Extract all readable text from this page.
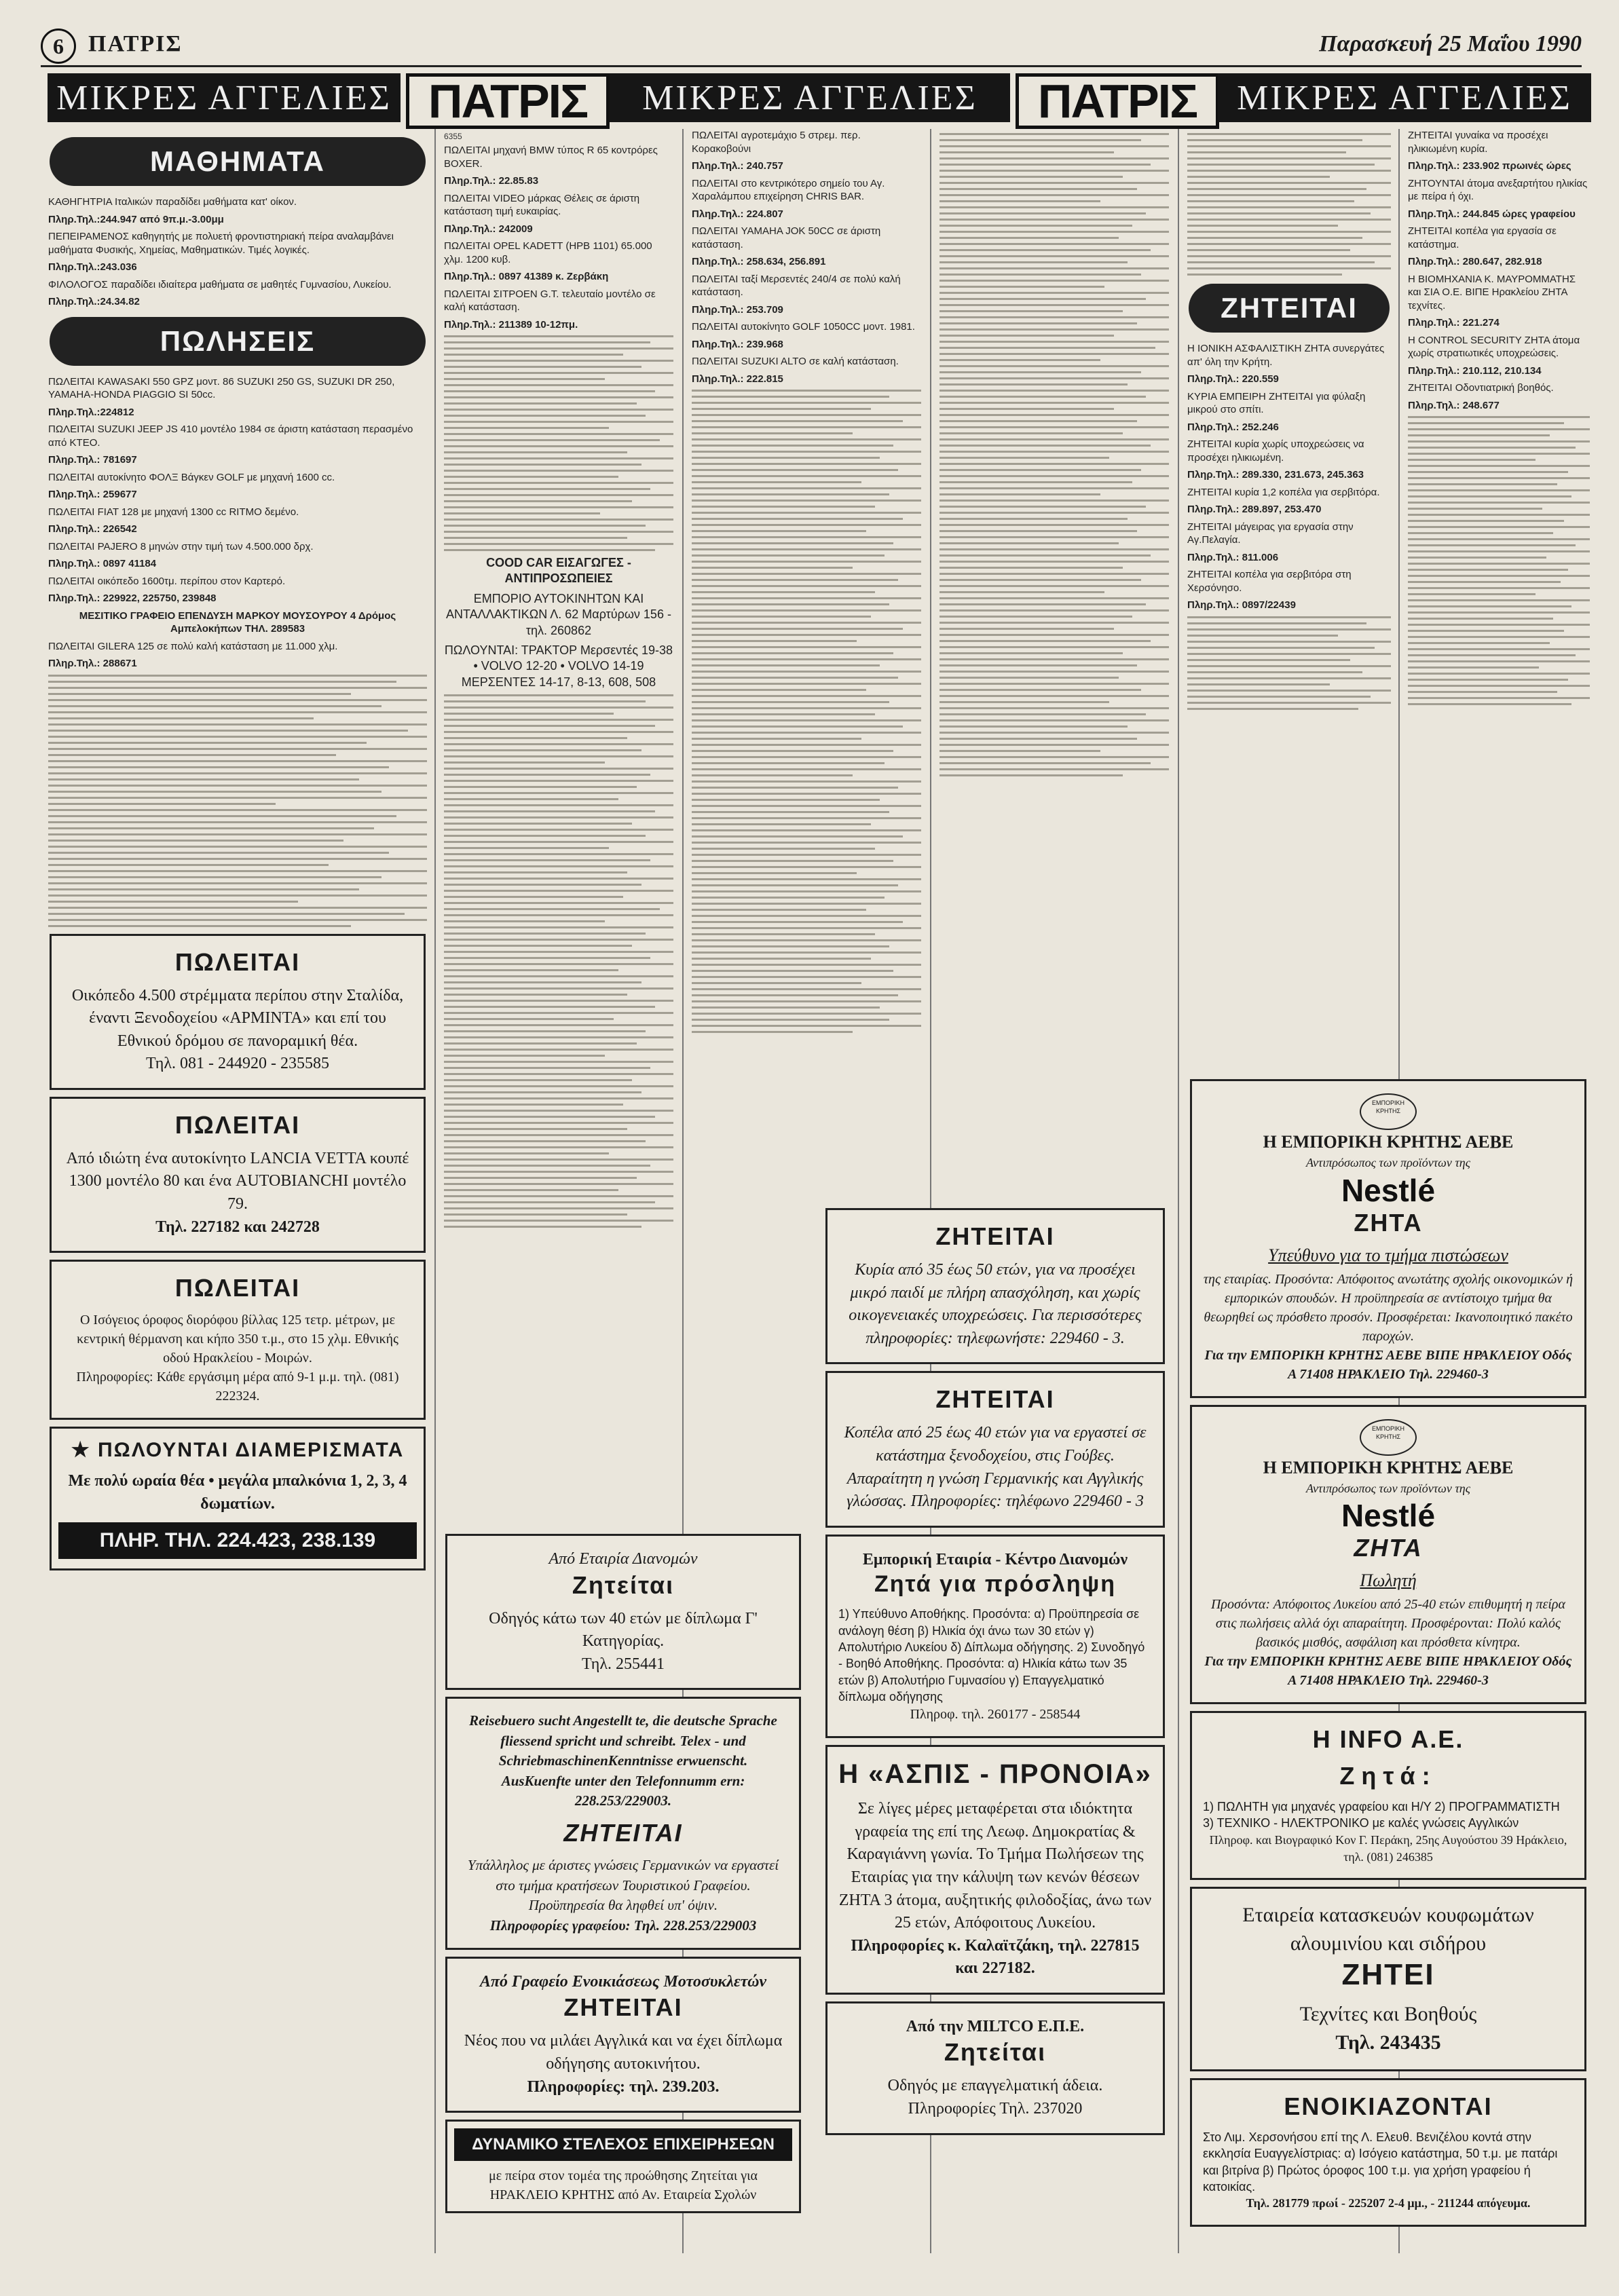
6	ΠΑΤΡΙΣ	Παρασκευή 25 Μαΐου 1990
ΜΙΚΡΕΣ ΑΓΓΕΛΙΕΣ ΠΑΤΡΙΣ	ΜΙΚΡΕΣ ΑΓΓΕΛΙΕΣ	ΠΑΤΡΙΣ	ΜΙΚΡΕΣ ΑΓΓΕΛΙΕΣ
ΜΑΘΗΜΑΤΑ

ΚΑΘΗΓΗΤΡΙΑ Ιταλικών παραδίδει μαθήματα κατ' οίκον.

Πληρ.Τηλ.:244.947 από 9π.μ.-3.00μμ

ΠΕΠΕΙΡΑΜΕΝΟΣ καθηγητής με πολυετή φροντιστηριακή πείρα αναλαμβάνει μαθήματα Φυσικής, Χημείας, Μαθηματικών. Τιμές λογικές.

Πληρ.Τηλ.:243.036

ΦΙΛΟΛΟΓΟΣ παραδίδει ιδιαίτερα μαθήματα σε μαθητές Γυμνασίου, Λυκείου.

Πληρ.Τηλ.:24.34.82

ΠΩΛΗΣΕΙΣ

ΠΩΛΕΙΤΑΙ KAWASAKI 550 GPZ μοντ. 86 SUZUKI 250 GS, SUZUKI DR 250, YAMAHA-HONDA PIAGGIO SI 50cc.

Πληρ.Τηλ.:224812

ΠΩΛΕΙΤΑΙ SUZUKI JEEP JS 410 μοντέλο 1984 σε άριστη κατάσταση περασμένο από ΚΤΕΟ.

Πληρ.Τηλ.: 781697

ΠΩΛΕΙΤΑΙ αυτοκίνητο ΦΟΛΞ Βάγκεν GOLF με μηχανή 1600 cc.

Πληρ.Τηλ.: 259677

ΠΩΛΕΙΤΑΙ FIAT 128 με μηχανή 1300 cc RITMO δεμένο.

Πληρ.Τηλ.: 226542

ΠΩΛΕΙΤΑΙ PAJERO 8 μηνών στην τιμή των 4.500.000 δρχ.

Πληρ.Τηλ.: 0897 41184

ΠΩΛΕΙΤΑΙ οικόπεδο 1600τμ. περίπου στον Καρτερό.

Πληρ.Τηλ.: 229922, 225750, 239848

ΜΕΣΙΤΙΚΟ ΓΡΑΦΕΙΟ ΕΠΕΝΔΥΣΗ ΜΑΡΚΟΥ ΜΟΥΣΟΥΡΟΥ 4 Δρόμος Αμπελοκήπων ΤΗΛ. 289583

ΠΩΛΕΙΤΑΙ GILERA 125 σε πολύ καλή κατάσταση με 11.000 χλμ.

Πληρ.Τηλ.: 288671

ΠΩΛΕΙΤΑΙ
Οικόπεδο 4.500 στρέμματα περίπου στην Σταλίδα, έναντι Ξενοδοχείου «ΑΡΜΙΝΤΑ» και επί του Εθνικού δρόμου σε πανοραμική θέα.
Τηλ. 081 - 244920 - 235585
ΠΩΛΕΙΤΑΙ
Από ιδιώτη ένα αυτοκίνητο LANCIA VETTA κουπέ 1300 μοντέλο 80 και ένα AUTOBIANCHI μοντέλο 79.
Τηλ. 227182 και 242728
ΠΩΛΕΙΤΑΙ
Ο Ισόγειος όροφος διορόφου βίλλας 125 τετρ. μέτρων, με κεντρική θέρμανση και κήπο 350 τ.μ., στο 15 χλμ. Εθνικής οδού Ηρακλείου - Μοιρών.
Πληροφορίες: Κάθε εργάσιμη μέρα από 9-1 μ.μ. τηλ. (081) 222324.
★ ΠΩΛΟΥΝΤΑΙ ΔΙΑΜΕΡΙΣΜΑΤΑ
Με πολύ ωραία θέα • μεγάλα μπαλκόνια 1, 2, 3, 4 δωματίων.
ΠΛΗΡ. ΤΗΛ. 224.423, 238.139
6355

ΠΩΛΕΙΤΑΙ μηχανή BMW τύπος R 65 κοντρόρες BOXER.

Πληρ.Τηλ.: 22.85.83

ΠΩΛΕΙΤΑΙ VIDEO μάρκας Θέλεις σε άριστη κατάσταση τιμή ευκαιρίας.

Πληρ.Τηλ.: 242009

ΠΩΛΕΙΤΑΙ OPEL KADETT (ΗΡΒ 1101) 65.000 χλμ. 1200 κυβ.

Πληρ.Τηλ.: 0897 41389 κ. Ζερβάκη

ΠΩΛΕΙΤΑΙ ΣΙΤΡΟΕΝ G.T. τελευταίο μοντέλο σε καλή κατάσταση.

Πληρ.Τηλ.: 211389 10-12πμ.

COOD CAR ΕΙΣΑΓΩΓΕΣ - ΑΝΤΙΠΡΟΣΩΠΕΙΕΣ

ΕΜΠΟΡΙΟ ΑΥΤΟΚΙΝΗΤΩΝ ΚΑΙ ΑΝΤΑΛΛΑΚΤΙΚΩΝ Λ. 62 Μαρτύρων 156 - τηλ. 260862

ΠΩΛΟΥΝΤΑΙ: ΤΡΑΚΤΟΡ Μερσεντές 19-38 • VOLVO 12-20 • VOLVO 14-19 ΜΕΡΣΕΝΤΕΣ 14-17, 8-13, 608, 508

ΠΩΛΕΙΤΑΙ αγροτεμάχιο 5 στρεμ. περ. Κορακοβούνι

Πληρ.Τηλ.: 240.757

ΠΩΛΕΙΤΑΙ στο κεντρικότερο σημείο του Αγ. Χαραλάμπου επιχείρηση CHRIS BAR.

Πληρ.Τηλ.: 224.807

ΠΩΛΕΙΤΑΙ YAMAHA JOK 50CC σε άριστη κατάσταση.

Πληρ.Τηλ.: 258.634, 256.891

ΠΩΛΕΙΤΑΙ ταξί Μερσεντές 240/4 σε πολύ καλή κατάσταση.

Πληρ.Τηλ.: 253.709

ΠΩΛΕΙΤΑΙ αυτοκίνητο GOLF 1050CC μοντ. 1981.

Πληρ.Τηλ.: 239.968

ΠΩΛΕΙΤΑΙ SUZUKI ALTO σε καλή κατάσταση.

Πληρ.Τηλ.: 222.815

ΖΗΤΕΙΤΑΙ
Κυρία από 35 έως 50 ετών, για να προσέχει μικρό παιδί με πλήρη απασχόληση, και χωρίς οικογενειακές υποχρεώσεις. Για περισσότερες πληροφορίες: τηλεφωνήστε: 229460 - 3.
ΖΗΤΕΙΤΑΙ
Κοπέλα από 25 έως 40 ετών για να εργαστεί σε κατάστημα ξενοδοχείου, στις Γούβες. Απαραίτητη η γνώση Γερμανικής και Αγγλικής γλώσσας. Πληροφορίες: τηλέφωνο 229460 - 3
Εμπορική Εταιρία - Κέντρο Διανομών
Ζητά για πρόσληψη
1) Υπεύθυνο Αποθήκης. Προσόντα: α) Προϋπηρεσία σε ανάλογη θέση β) Ηλικία όχι άνω των 30 ετών γ) Απολυτήριο Λυκείου δ) Δίπλωμα οδήγησης. 2) Συνοδηγό - Βοηθό Αποθήκης. Προσόντα: α) Ηλικία κάτω των 35 ετών β) Απολυτήριο Γυμνασίου γ) Επαγγελματικό δίπλωμα οδήγησης
Πληροφ. τηλ. 260177 - 258544
Η «ΑΣΠΙΣ - ΠΡΟΝΟΙΑ»
Σε λίγες μέρες μεταφέρεται στα ιδιόκτητα γραφεία της επί της Λεωφ. Δημοκρατίας & Καραγιάννη γωνία. Το Τμήμα Πωλήσεων της Εταιρίας για την κάλυψη των κενών θέσεων ΖΗΤΑ 3 άτομα, αυξητικής φιλοδοξίας, άνω των 25 ετών, Απόφοιτους Λυκείου.
Πληροφορίες κ. Καλαϊτζάκη, τηλ. 227815 και 227182.
Από την MILTCO Ε.Π.Ε.
Ζητείται
Οδηγός με επαγγελματική άδεια.
Πληροφορίες Τηλ. 237020
Από Εταιρία Διανομών
Ζητείται
Οδηγός κάτω των 40 ετών με δίπλωμα Γ' Κατηγορίας.
Τηλ. 255441
Reisebuero sucht Angestellt te, die deutsche Sprache fliessend spricht und schreibt. Telex - und SchriebmaschinenKenntnisse erwuenscht.
AusKuenfte unter den Telefonnumm ern: 228.253/229003.
ΖΗΤΕΙΤΑΙ
Υπάλληλος με άριστες γνώσεις Γερμανικών να εργαστεί στο τμήμα κρατήσεων Τουριστικού Γραφείου. Προϋπηρεσία θα ληφθεί υπ' όψιν.
Πληροφορίες γραφείου: Τηλ. 228.253/229003
Από Γραφείο Ενοικιάσεως Μοτοσυκλετών
ΖΗΤΕΙΤΑΙ
Νέος που να μιλάει Αγγλικά και να έχει δίπλωμα οδήγησης αυτοκινήτου.
Πληροφορίες: τηλ. 239.203.
ΔΥΝΑΜΙΚΟ ΣΤΕΛΕΧΟΣ ΕΠΙΧΕΙΡΗΣΕΩΝ
με πείρα στον τομέα της προώθησης Ζητείται για ΗΡΑΚΛΕΙΟ ΚΡΗΤΗΣ από Αν. Εταιρεία Σχολών
ΖΗΤΕΙΤΑΙ

Η ΙΟΝΙΚΗ ΑΣΦΑΛΙΣΤΙΚΗ ΖΗΤΑ συνεργάτες απ' όλη την Κρήτη.

Πληρ.Τηλ.: 220.559

ΚΥΡΙΑ ΕΜΠΕΙΡΗ ΖΗΤΕΙΤΑΙ για φύλαξη μικρού στο σπίτι.

Πληρ.Τηλ.: 252.246

ΖΗΤΕΙΤΑΙ κυρία χωρίς υποχρεώσεις να προσέχει ηλικιωμένη.

Πληρ.Τηλ.: 289.330, 231.673, 245.363

ΖΗΤΕΙΤΑΙ κυρία 1,2 κοπέλα για σερβιτόρα.

Πληρ.Τηλ.: 289.897, 253.470

ΖΗΤΕΙΤΑΙ μάγειρας για εργασία στην Αγ.Πελαγία.

Πληρ.Τηλ.: 811.006

ΖΗΤΕΙΤΑΙ κοπέλα για σερβιτόρα στη Χερσόνησο.

Πληρ.Τηλ.: 0897/22439

ΖΗΤΕΙΤΑΙ γυναίκα να προσέχει ηλικιωμένη κυρία.

Πληρ.Τηλ.: 233.902 πρωινές ώρες

ΖΗΤΟΥΝΤΑΙ άτομα ανεξαρτήτου ηλικίας με πείρα ή όχι.

Πληρ.Τηλ.: 244.845 ώρες γραφείου

ΖΗΤΕΙΤΑΙ κοπέλα για εργασία σε κατάστημα.

Πληρ.Τηλ.: 280.647, 282.918

Η ΒΙΟΜΗΧΑΝΙΑ Κ. ΜΑΥΡΟΜΜΑΤΗΣ και ΣΙΑ Ο.Ε. ΒΙΠΕ Ηρακλείου ΖΗΤΑ τεχνίτες.

Πληρ.Τηλ.: 221.274

Η CONTROL SECURITY ΖΗΤΑ άτομα χωρίς στρατιωτικές υποχρεώσεις.

Πληρ.Τηλ.: 210.112, 210.134

ΖΗΤΕΙΤΑΙ Οδοντιατρική βοηθός.

Πληρ.Τηλ.: 248.677

ΕΜΠΟΡΙΚΗ ΚΡΗΤΗΣ
Η ΕΜΠΟΡΙΚΗ ΚΡΗΤΗΣ ΑΕΒΕ
Αντιπρόσωπος των προϊόντων της
Nestlé
ΖΗΤΑ
Υπεύθυνο για το τμήμα πιστώσεων
της εταιρίας. Προσόντα: Απόφοιτος ανωτάτης σχολής οικονομικών ή εμπορικών σπουδών. Η προϋπηρεσία σε αντίστοιχο τμήμα θα θεωρηθεί ως πρόσθετο προσόν. Προσφέρεται: Ικανοποιητικό πακέτο παροχών.
Για την ΕΜΠΟΡΙΚΗ ΚΡΗΤΗΣ ΑΕΒΕ ΒΙΠΕ ΗΡΑΚΛΕΙΟΥ Οδός Α 71408 ΗΡΑΚΛΕΙΟ Τηλ. 229460-3
ΕΜΠΟΡΙΚΗ ΚΡΗΤΗΣ
Η ΕΜΠΟΡΙΚΗ ΚΡΗΤΗΣ ΑΕΒΕ
Αντιπρόσωπος των προϊόντων της
Nestlé
ΖΗΤΑ
Πωλητή
Προσόντα: Απόφοιτος Λυκείου από 25-40 ετών επιθυμητή η πείρα στις πωλήσεις αλλά όχι απαραίτητη. Προσφέρονται: Πολύ καλός βασικός μισθός, ασφάλιση και πρόσθετα κίνητρα.
Για την ΕΜΠΟΡΙΚΗ ΚΡΗΤΗΣ ΑΕΒΕ ΒΙΠΕ ΗΡΑΚΛΕΙΟΥ Οδός Α 71408 ΗΡΑΚΛΕΙΟ Τηλ. 229460-3
Η INFO A.E.
Ζητά:
1) ΠΩΛΗΤΗ για μηχανές γραφείου και Η/Υ 2) ΠΡΟΓΡΑΜΜΑΤΙΣΤΗ 3) ΤΕΧΝΙΚΟ - ΗΛΕΚΤΡΟΝΙΚΟ με καλές γνώσεις Αγγλικών
Πληροφ. και Βιογραφικό Κον Γ. Περάκη, 25ης Αυγούστου 39 Ηράκλειο, τηλ. (081) 246385
Εταιρεία κατασκευών κουφωμάτων αλουμινίου και σιδήρου
ΖΗΤΕΙ
Τεχνίτες και Βοηθούς
Τηλ. 243435
ΕΝΟΙΚΙΑΖΟΝΤΑΙ
Στο Λιμ. Χερσονήσου επί της Λ. Ελευθ. Βενιζέλου κοντά στην εκκλησία Ευαγγελίστριας: α) Ισόγειο κατάστημα, 50 τ.μ. με πατάρι και βιτρίνα β) Πρώτος όροφος 100 τ.μ. για χρήση γραφείου ή κατοικίας.
Τηλ. 281779 πρωί - 225207 2-4 μμ., - 211244 απόγευμα.
